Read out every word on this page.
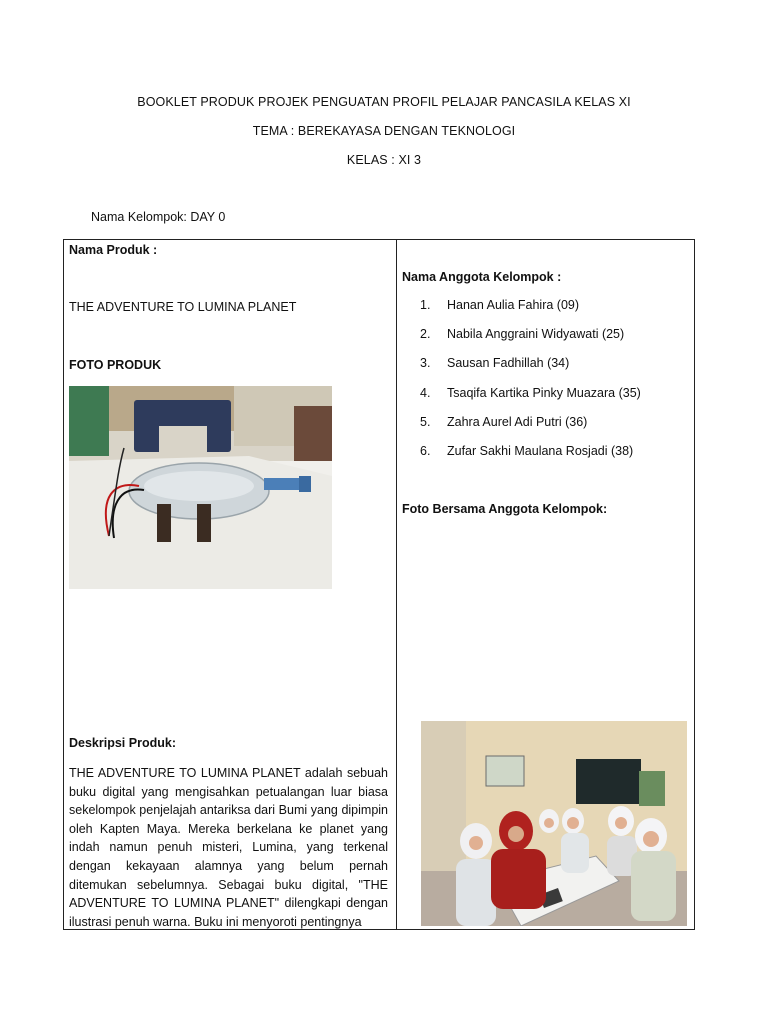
BOOKLET PRODUK PROJEK PENGUATAN PROFIL PELAJAR PANCASILA KELAS XI
TEMA : BEREKAYASA DENGAN TEKNOLOGI
KELAS : XI 3
Nama Kelompok: DAY 0
Nama Produk :
THE ADVENTURE TO LUMINA PLANET
FOTO PRODUK
Deskripsi Produk:
THE ADVENTURE TO LUMINA PLANET adalah sebuah buku digital yang mengisahkan petualangan luar biasa sekelompok penjelajah antariksa dari Bumi yang dipimpin oleh Kapten Maya. Mereka berkelana ke planet yang indah namun penuh misteri, Lumina, yang terkenal dengan kekayaan alamnya yang belum pernah ditemukan sebelumnya. Sebagai buku digital, "THE ADVENTURE TO LUMINA PLANET" dilengkapi dengan ilustrasi penuh warna. Buku ini menyoroti pentingnya
Nama Anggota Kelompok :
1.	Hanan Aulia Fahira (09)
2.	Nabila Anggraini Widyawati (25)
3.	Sausan Fadhillah (34)
4.	Tsaqifa Kartika Pinky Muazara (35)
5.	Zahra Aurel Adi Putri (36)
6.	Zufar Sakhi Maulana Rosjadi (38)
Foto Bersama Anggota Kelompok:
